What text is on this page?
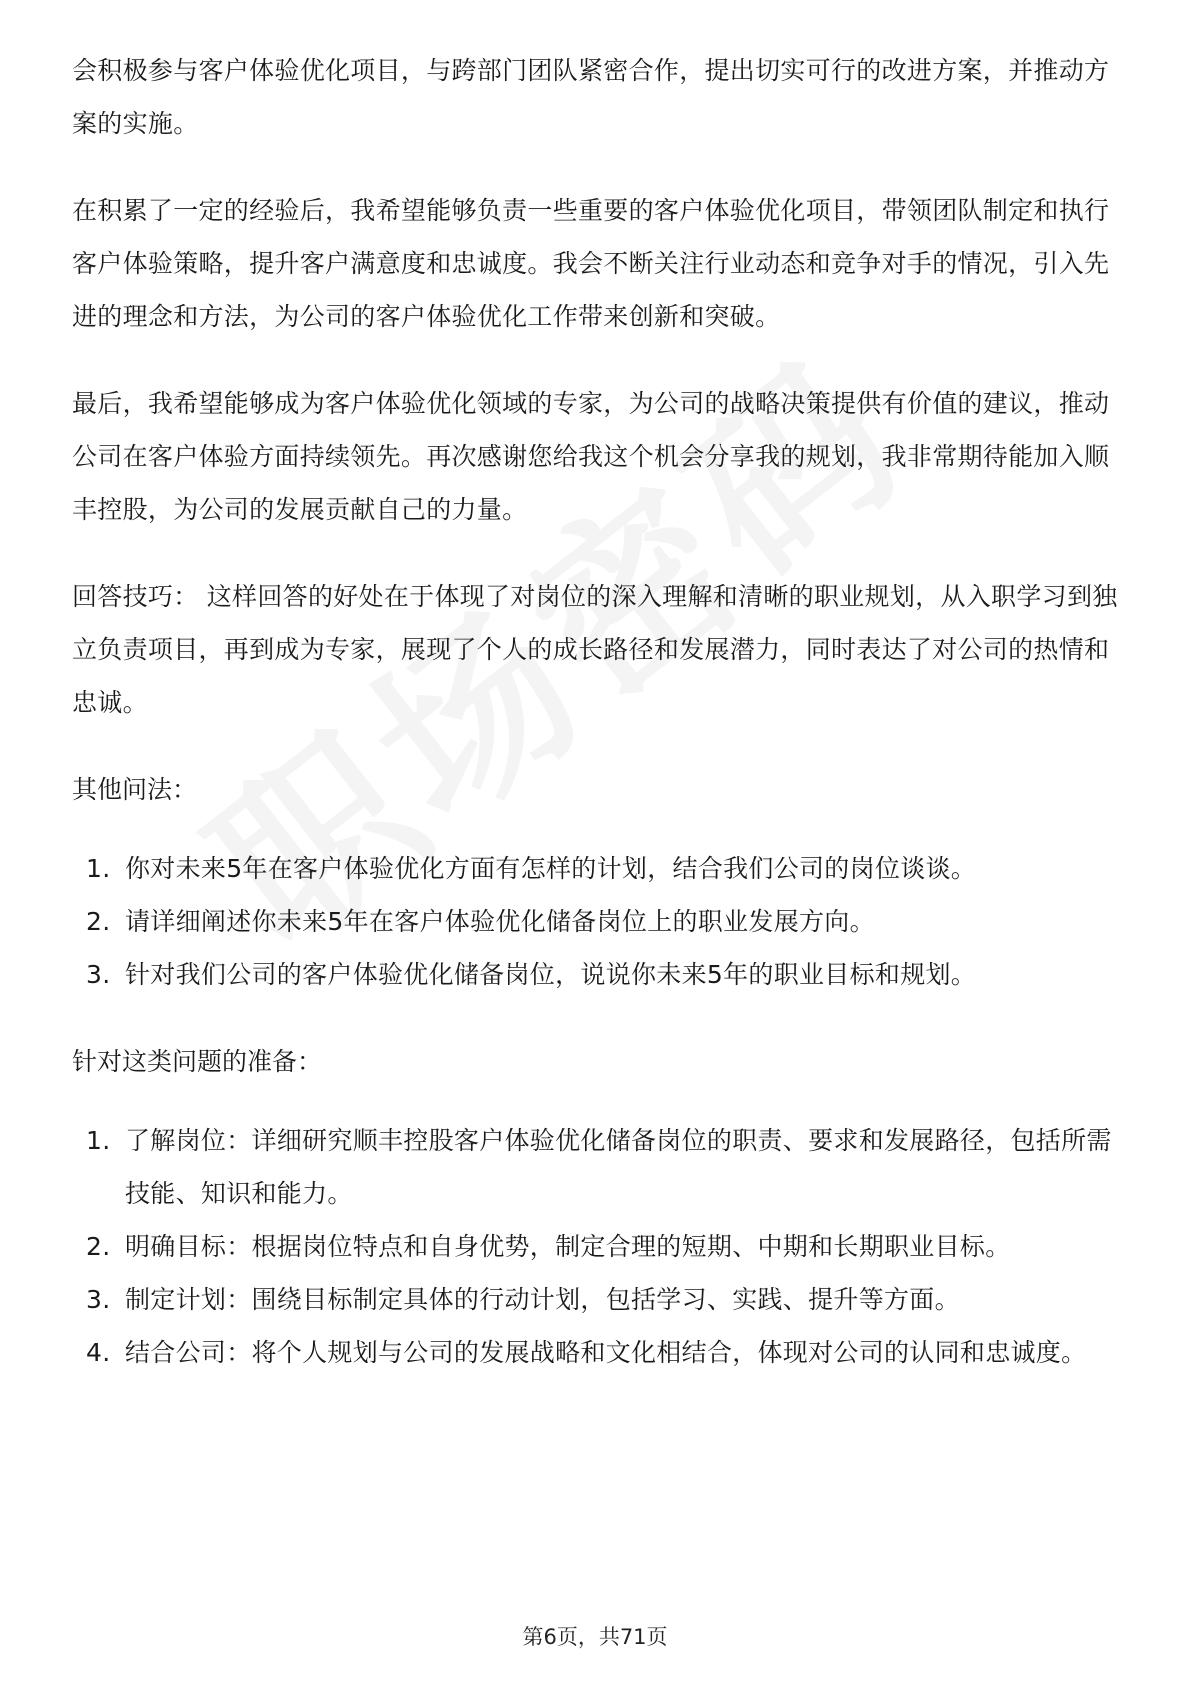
会积极参与客户体验优化项目，与跨部门团队紧密合作，提出切实可行的改进方案，并推动方案的实施。

在积累了一定的经验后，我希望能够负责一些重要的客户体验优化项目，带领团队制定和执行客户体验策略，提升客户满意度和忠诚度。我会不断关注行业动态和竞争对手的情况，引入先进的理念和方法，为公司的客户体验优化工作带来创新和突破。

最后，我希望能够成为客户体验优化领域的专家，为公司的战略决策提供有价值的建议，推动公司在客户体验方面持续领先。再次感谢您给我这个机会分享我的规划，我非常期待能加入顺丰控股，为公司的发展贡献自己的力量。

回答技巧： 这样回答的好处在于体现了对岗位的深入理解和清晰的职业规划，从入职学习到独立负责项目，再到成为专家，展现了个人的成长路径和发展潜力，同时表达了对公司的热情和忠诚。

其他问法：
1. 你对未来5年在客户体验优化方面有怎样的计划，结合我们公司的岗位谈谈。
2. 请详细阐述你未来5年在客户体验优化储备岗位上的职业发展方向。
3. 针对我们公司的客户体验优化储备岗位，说说你未来5年的职业目标和规划。
针对这类问题的准备：
1. 了解岗位：详细研究顺丰控股客户体验优化储备岗位的职责、要求和发展路径，包括所需技能、知识和能力。
2. 明确目标：根据岗位特点和自身优势，制定合理的短期、中期和长期职业目标。
3. 制定计划：围绕目标制定具体的行动计划，包括学习、实践、提升等方面。
4. 结合公司：将个人规划与公司的发展战略和文化相结合，体现对公司的认同和忠诚度。
第6页，共71页
